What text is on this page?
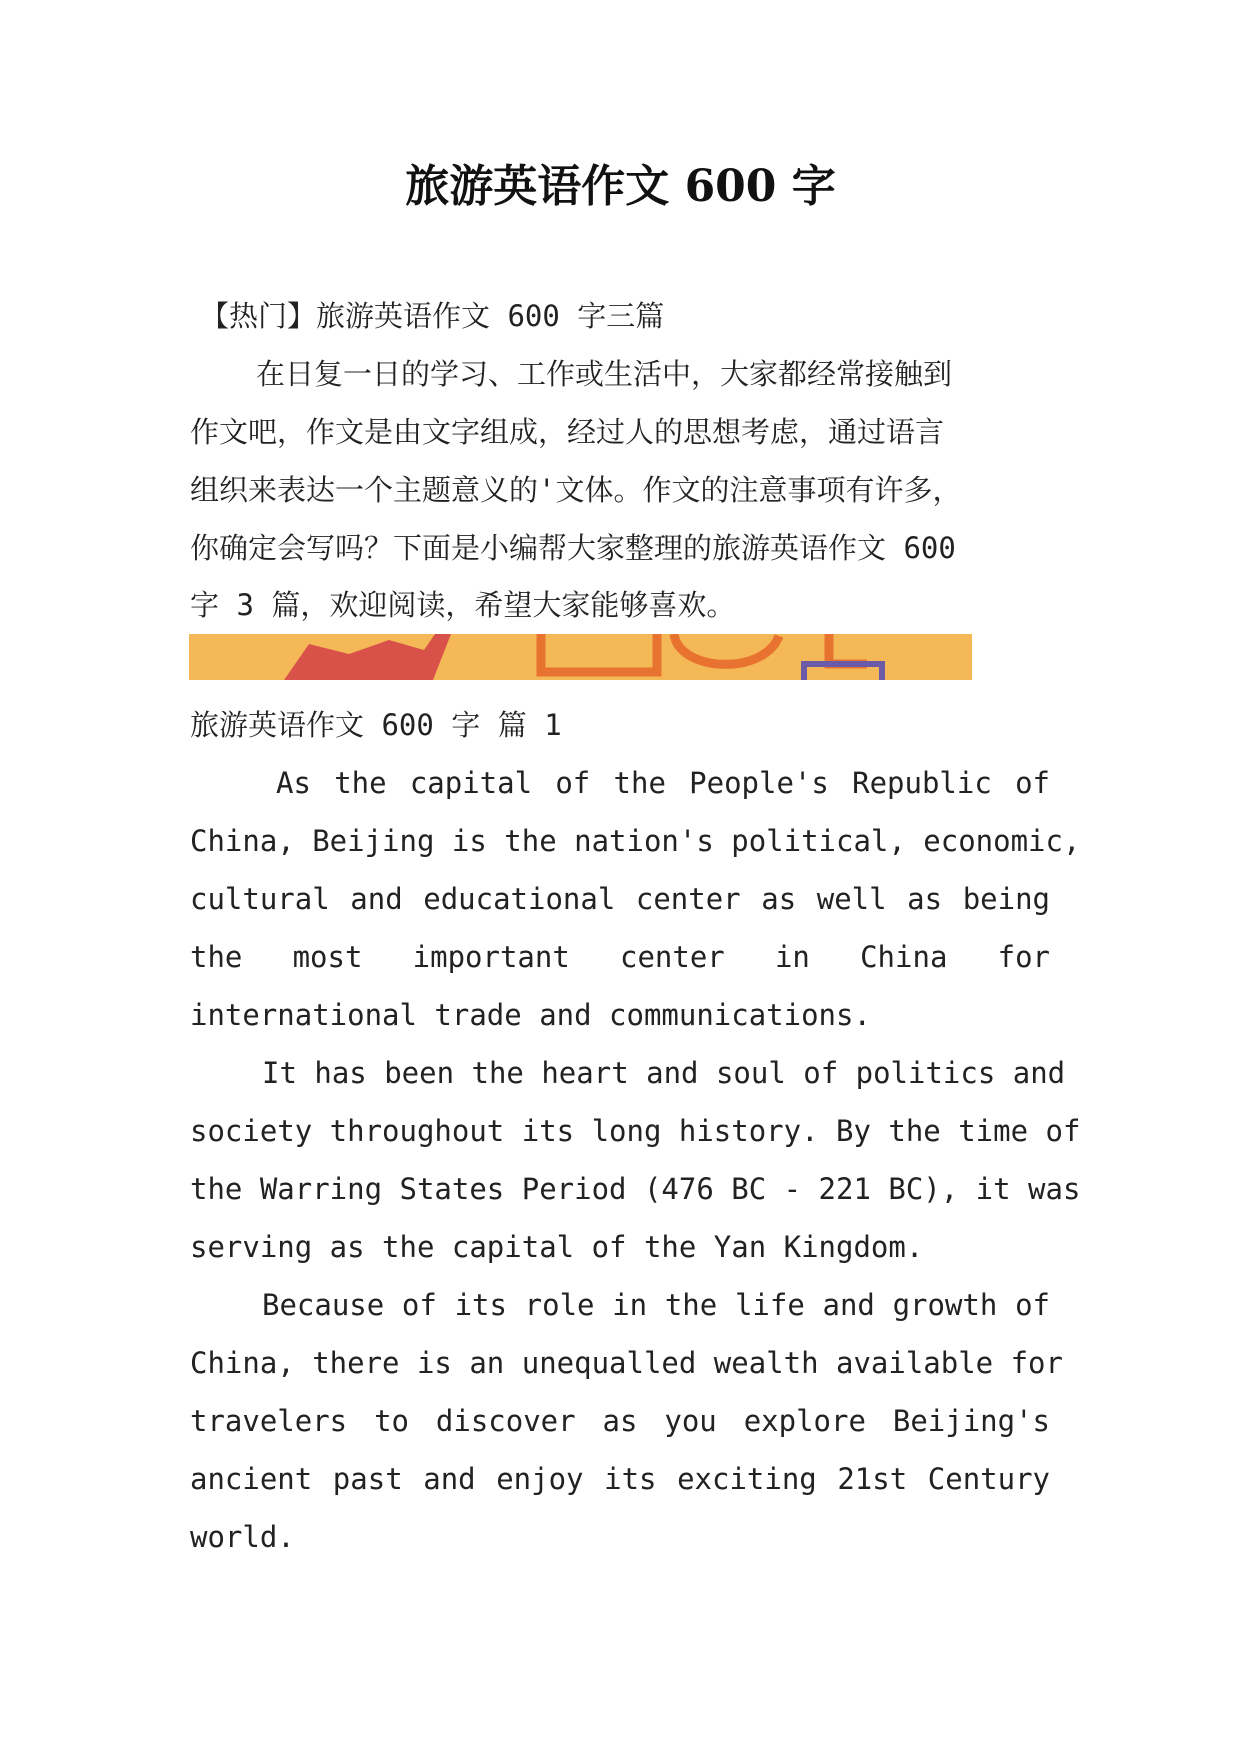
旅游英语作文 600 字
【热门】旅游英语作文 600 字三篇
在日复一日的学习、工作或生活中，大家都经常接触到
作文吧，作文是由文字组成，经过人的思想考虑，通过语言
组织来表达一个主题意义的'文体。作文的注意事项有许多，
你确定会写吗？下面是小编帮大家整理的旅游英语作文 600
字 3 篇，欢迎阅读，希望大家能够喜欢。
旅游英语作文 600 字 篇 1
As the capital of the People's Republic of
China, Beijing is the nation's political, economic,
cultural and educational center as well as being
the most important center in China for
international trade and communications.
It has been the heart and soul of politics and
society throughout its long history. By the time of
the Warring States Period (476 BC - 221 BC), it was
serving as the capital of the Yan Kingdom.
Because of its role in the life and growth of
China, there is an unequalled wealth available for
travelers to discover as you explore Beijing's
ancient past and enjoy its exciting 21st Century
world.
